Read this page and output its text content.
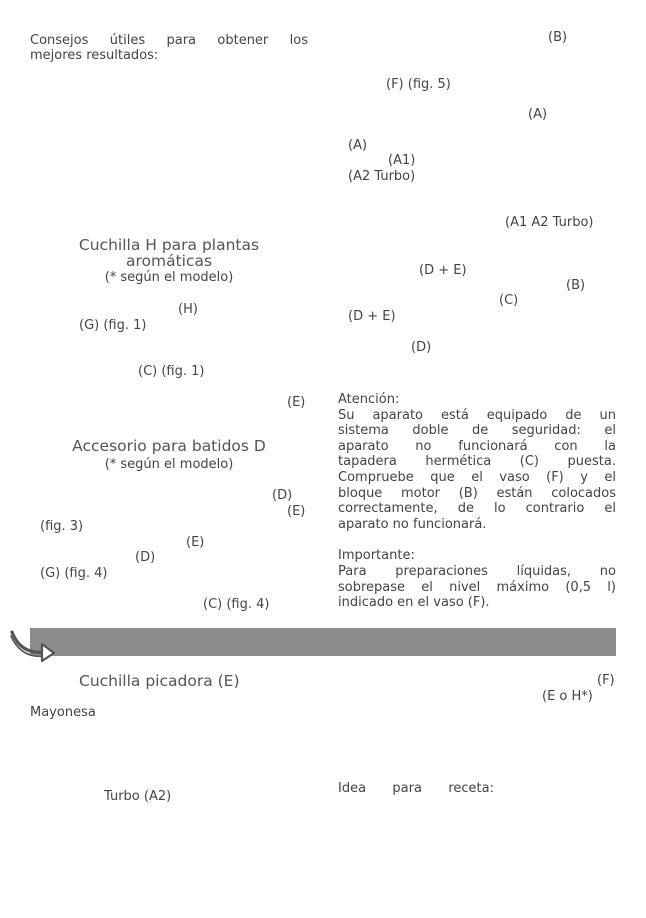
Consejos útiles para obtener los
mejores resultados:
Cuchilla H para plantas
aromáticas
(* según el modelo)
(H)
(G) (fig. 1)
(C) (fig. 1)
(E)
Accesorio para batidos D
(* según el modelo)
(D)
(E)
(fig. 3)
(E)
(D)
(G) (fig. 4)
(C) (fig. 4)
(B)
(F) (fig. 5)
(A)
(A)
(A1)
(A2 Turbo)
(A1 A2 Turbo)
(D + E)
(B)
(C)
(D + E)
(D)
Atención:
Su aparato está equipado de un
sistema doble de seguridad: el
aparato no funcionará con la
tapadera hermética (C) puesta.
Compruebe que el vaso (F) y el
bloque motor (B) están colocados
correctamente, de lo contrario el
aparato no funcionará.
Importante:
Para preparaciones líquidas, no
sobrepase el nivel máximo (0,5 l)
indicado en el vaso (F).
Cuchilla picadora (E)
Mayonesa
Turbo (A2)
(F)
(E o H*)
Idea para receta:
